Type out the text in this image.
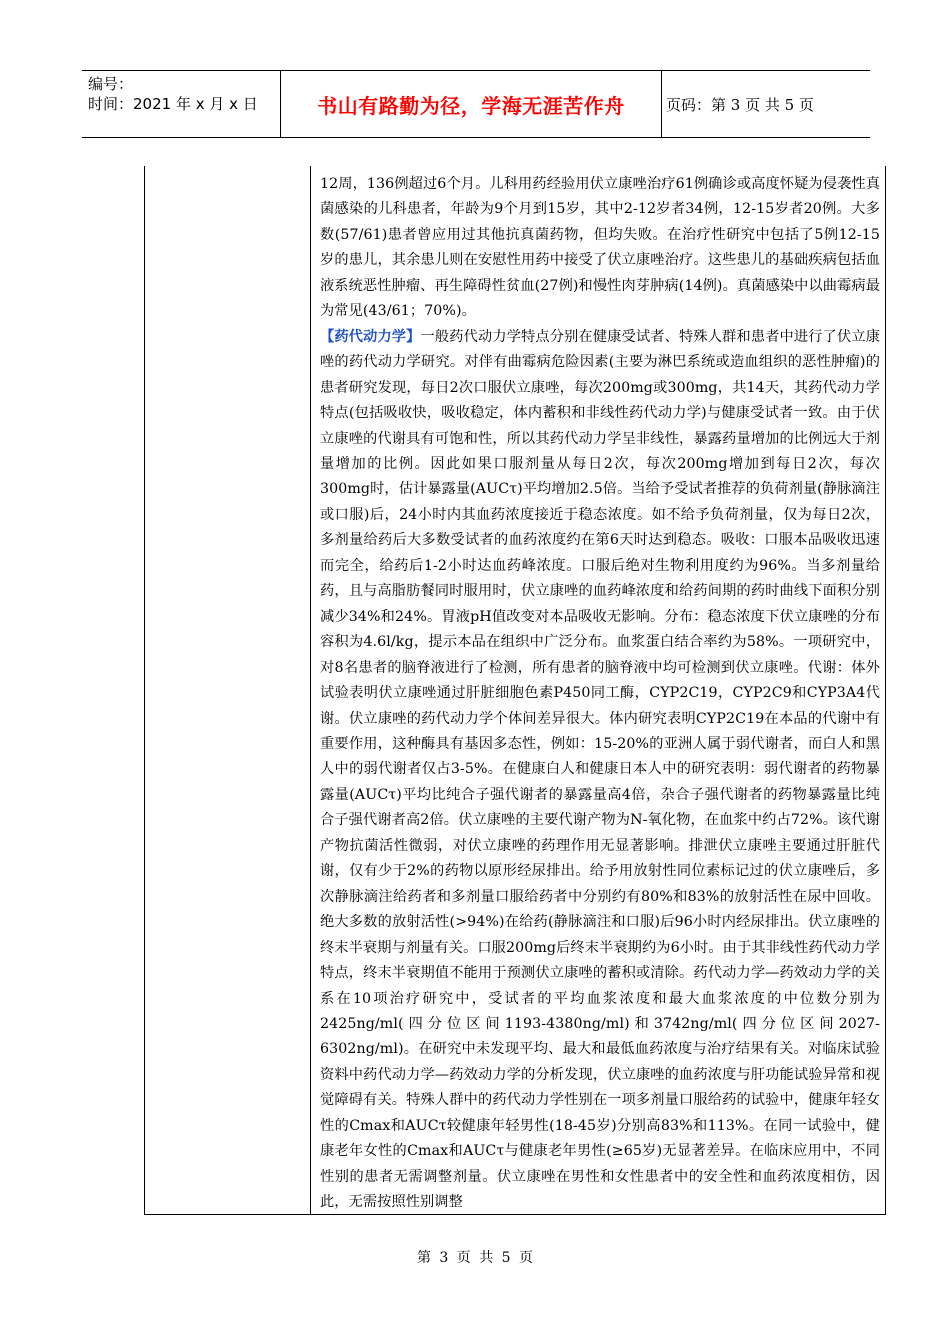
编号：
时间：2021 年 x 月 x 日	书山有路勤为径，学海无涯苦作舟	页码：第 3 页 共 5 页

12周，136例超过6个月。儿科用药经验用伏立康唑治疗61例确诊或高度怀疑为侵袭性真菌感染的儿科患者，年龄为9个月到15岁，其中2-12岁者34例，12-15岁者20例。大多数(57/61)患者曾应用过其他抗真菌药物，但均失败。在治疗性研究中包括了5例12-15岁的患儿，其余患儿则在安慰性用药中接受了伏立康唑治疗。这些患儿的基础疾病包括血液系统恶性肿瘤、再生障碍性贫血(27例)和慢性肉芽肿病(14例)。真菌感染中以曲霉病最为常见(43/61；70%)。

【药代动力学】一般药代动力学特点分别在健康受试者、特殊人群和患者中进行了伏立康唑的药代动力学研究。对伴有曲霉病危险因素(主要为淋巴系统或造血组织的恶性肿瘤)的患者研究发现，每日2次口服伏立康唑，每次200mg或300mg，共14天，其药代动力学特点(包括吸收快，吸收稳定，体内蓄积和非线性药代动力学)与健康受试者一致。由于伏立康唑的代谢具有可饱和性，所以其药代动力学呈非线性，暴露药量增加的比例远大于剂量增加的比例。因此如果口服剂量从每日2次，每次200mg增加到每日2次，每次300mg时，估计暴露量(AUCτ)平均增加2.5倍。当给予受试者推荐的负荷剂量(静脉滴注或口服)后，24小时内其血药浓度接近于稳态浓度。如不给予负荷剂量，仅为每日2次，多剂量给药后大多数受试者的血药浓度约在第6天时达到稳态。吸收：口服本品吸收迅速而完全，给药后1-2小时达血药峰浓度。口服后绝对生物利用度约为96%。当多剂量给药，且与高脂肪餐同时服用时，伏立康唑的血药峰浓度和给药间期的药时曲线下面积分别减少34%和24%。胃液pH值改变对本品吸收无影响。分布：稳态浓度下伏立康唑的分布容积为4.6l/kg，提示本品在组织中广泛分布。血浆蛋白结合率约为58%。一项研究中，对8名患者的脑脊液进行了检测，所有患者的脑脊液中均可检测到伏立康唑。代谢：体外试验表明伏立康唑通过肝脏细胞色素P450同工酶，CYP2C19，CYP2C9和CYP3A4代谢。伏立康唑的药代动力学个体间差异很大。体内研究表明CYP2C19在本品的代谢中有重要作用，这种酶具有基因多态性，例如：15-20%的亚洲人属于弱代谢者，而白人和黑人中的弱代谢者仅占3-5%。在健康白人和健康日本人中的研究表明：弱代谢者的药物暴露量(AUCτ)平均比纯合子强代谢者的暴露量高4倍，杂合子强代谢者的药物暴露量比纯合子强代谢者高2倍。伏立康唑的主要代谢产物为N-氧化物，在血浆中约占72%。该代谢产物抗菌活性微弱，对伏立康唑的药理作用无显著影响。排泄伏立康唑主要通过肝脏代谢，仅有少于2%的药物以原形经尿排出。给予用放射性同位素标记过的伏立康唑后，多次静脉滴注给药者和多剂量口服给药者中分别约有80%和83%的放射活性在尿中回收。绝大多数的放射活性(>94%)在给药(静脉滴注和口服)后96小时内经尿排出。伏立康唑的终末半衰期与剂量有关。口服200mg后终末半衰期约为6小时。由于其非线性药代动力学特点，终末半衰期值不能用于预测伏立康唑的蓄积或清除。药代动力学—药效动力学的关系在10项治疗研究中，受试者的平均血浆浓度和最大血浆浓度的中位数分别为2425ng/ml(四分位区间1193-4380ng/ml)和3742ng/ml(四分位区间2027-6302ng/ml)。在研究中未发现平均、最大和最低血药浓度与治疗结果有关。对临床试验资料中药代动力学—药效动力学的分析发现，伏立康唑的血药浓度与肝功能试验异常和视觉障碍有关。特殊人群中的药代动力学性别在一项多剂量口服给药的试验中，健康年轻女性的Cmax和AUCτ较健康年轻男性(18-45岁)分别高83%和113%。在同一试验中，健康老年女性的Cmax和AUCτ与健康老年男性(≥65岁)无显著差异。在临床应用中，不同性别的患者无需调整剂量。伏立康唑在男性和女性患者中的安全性和血药浓度相仿，因此，无需按照性别调整

第 3 页 共 5 页
